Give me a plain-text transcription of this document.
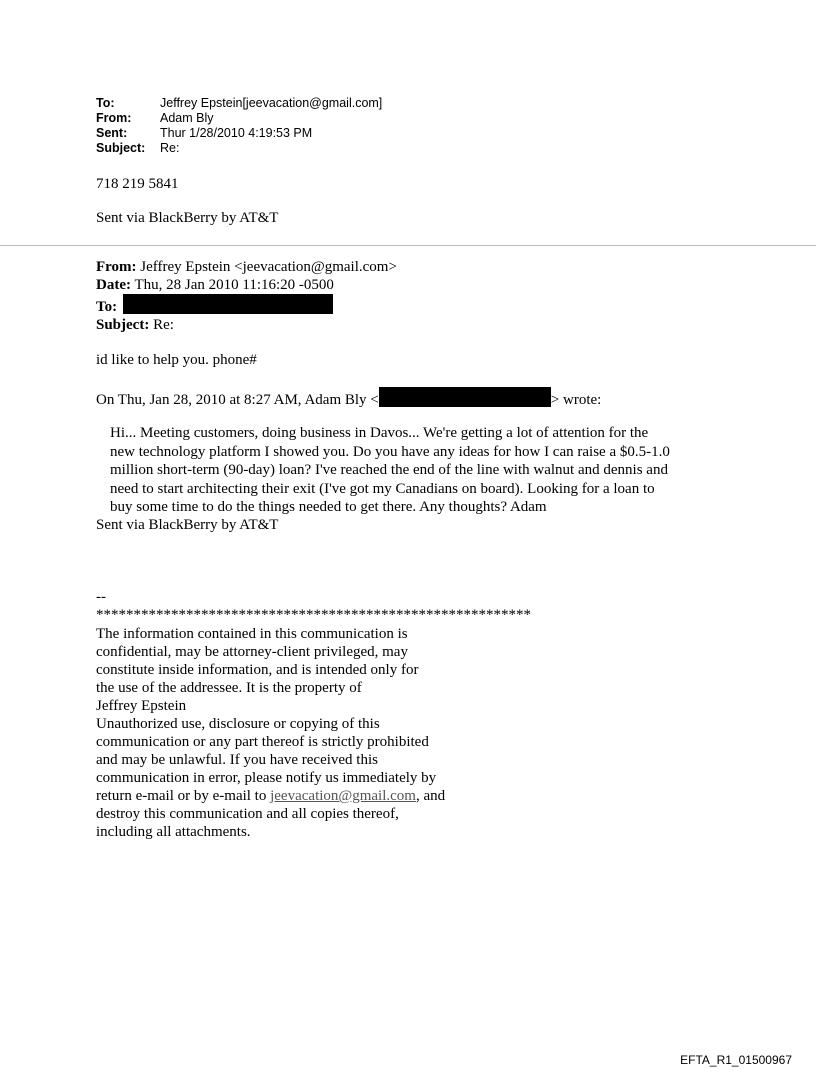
To:	Jeffrey Epstein[jeevacation@gmail.com]
From:	Adam Bly
Sent:	Thur 1/28/2010 4:19:53 PM
Subject:	Re:
718 219 5841
Sent via BlackBerry by AT&T
From: Jeffrey Epstein <jeevacation@gmail.com>
Date: Thu, 28 Jan 2010 11:16:20 -0500
To:
Subject: Re:
id like to help you. phone#
On Thu, Jan 28, 2010 at 8:27 AM, Adam Bly <	> wrote:
Hi... Meeting customers, doing business in Davos... We're getting a lot of attention for the
new technology platform I showed you. Do you have any ideas for how I can raise a $0.5-1.0
million short-term (90-day) loan? I've reached the end of the line with walnut and dennis and
need to start architecting their exit (I've got my Canadians on board). Looking for a loan to
buy some time to do the things needed to get there. Any thoughts? Adam
Sent via BlackBerry by AT&T
--
**********************************************************
The information contained in this communication is
confidential, may be attorney-client privileged, may
constitute inside information, and is intended only for
the use of the addressee. It is the property of
Jeffrey Epstein
Unauthorized use, disclosure or copying of this
communication or any part thereof is strictly prohibited
and may be unlawful. If you have received this
communication in error, please notify us immediately by
return e-mail or by e-mail to jeevacation@gmail.com, and
destroy this communication and all copies thereof,
including all attachments.
EFTA_R1_01500967
